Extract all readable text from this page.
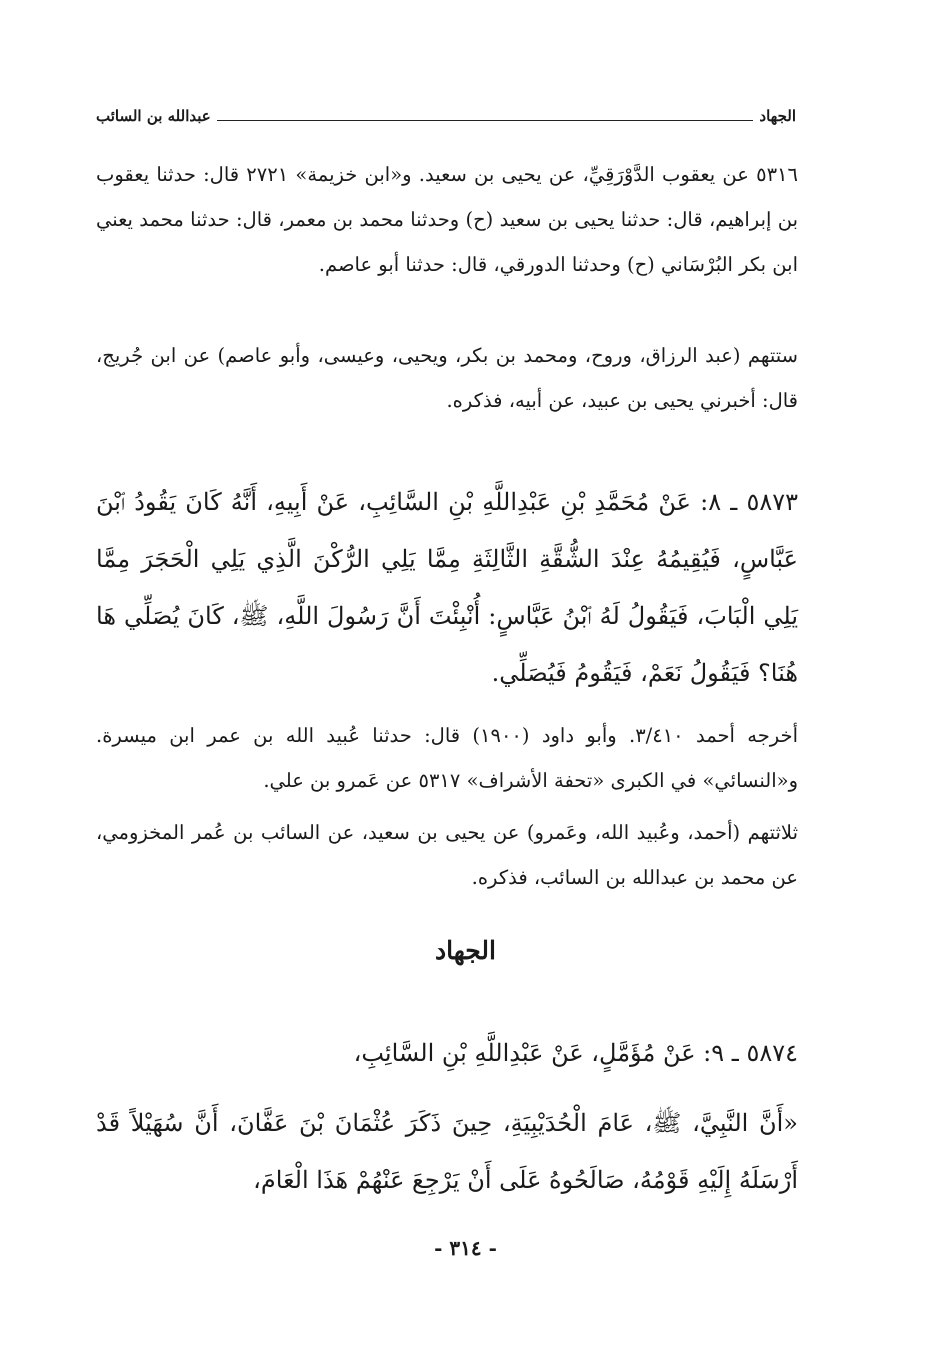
الجهاد
عبدالله بن السائب

٥٣١٦ عن يعقوب الدَّوْرَقِيِّ، عن يحيى بن سعيد. و«ابن خزيمة» ٢٧٢١ قال: حدثنا يعقوب بن إبراهيم، قال: حدثنا يحيى بن سعيد (ح) وحدثنا محمد بن معمر، قال: حدثنا محمد يعني ابن بكر البُرْسَاني (ح) وحدثنا الدورقي، قال: حدثنا أبو عاصم.

ستتهم (عبد الرزاق، وروح، ومحمد بن بكر، ويحيى، وعيسى، وأبو عاصم) عن ابن جُريج، قال: أخبرني يحيى بن عبيد، عن أبيه، فذكره.

٥٨٧٣ ـ ٨: عَنْ مُحَمَّدِ بْنِ عَبْدِاللَّهِ بْنِ السَّائِبِ، عَنْ أَبِيهِ، أَنَّهُ كَانَ يَقُودُ ٱبْنَ عَبَّاسٍ، فَيُقِيمُهُ عِنْدَ الشُّقَّةِ الثَّالِثَةِ مِمَّا يَلِي الرُّكْنَ الَّذِي يَلِي الْحَجَرَ مِمَّا يَلِي الْبَابَ، فَيَقُولُ لَهُ ٱبْنُ عَبَّاسٍ: أُنْبِئْتَ أَنَّ رَسُولَ اللَّهِ، ﷺ، كَانَ يُصَلِّي هَا هُنَا؟ فَيَقُولُ نَعَمْ، فَيَقُومُ فَيُصَلِّي.

أخرجه أحمد ٣/٤١٠. وأبو داود (١٩٠٠) قال: حدثنا عُبيد الله بن عمر ابن ميسرة. و«النسائي» في الكبرى «تحفة الأشراف» ٥٣١٧ عن عَمرو بن علي.

ثلاثتهم (أحمد، وعُبيد الله، وعَمرو) عن يحيى بن سعيد، عن السائب بن عُمر المخزومي، عن محمد بن عبدالله بن السائب، فذكره.

الجهاد

٥٨٧٤ ـ ٩: عَنْ مُؤَمَّلٍ، عَنْ عَبْدِاللَّهِ بْنِ السَّائِبِ،

«أَنَّ النَّبِيَّ، ﷺ، عَامَ الْحُدَيْبِيَةِ، حِينَ ذَكَرَ عُثْمَانَ بْنَ عَفَّانَ، أَنَّ سُهَيْلاً قَدْ أَرْسَلَهُ إِلَيْهِ قَوْمُهُ، صَالَحُوهُ عَلَى أَنْ يَرْجِعَ عَنْهُمْ هَذَا الْعَامَ،

- ٣١٤ -
